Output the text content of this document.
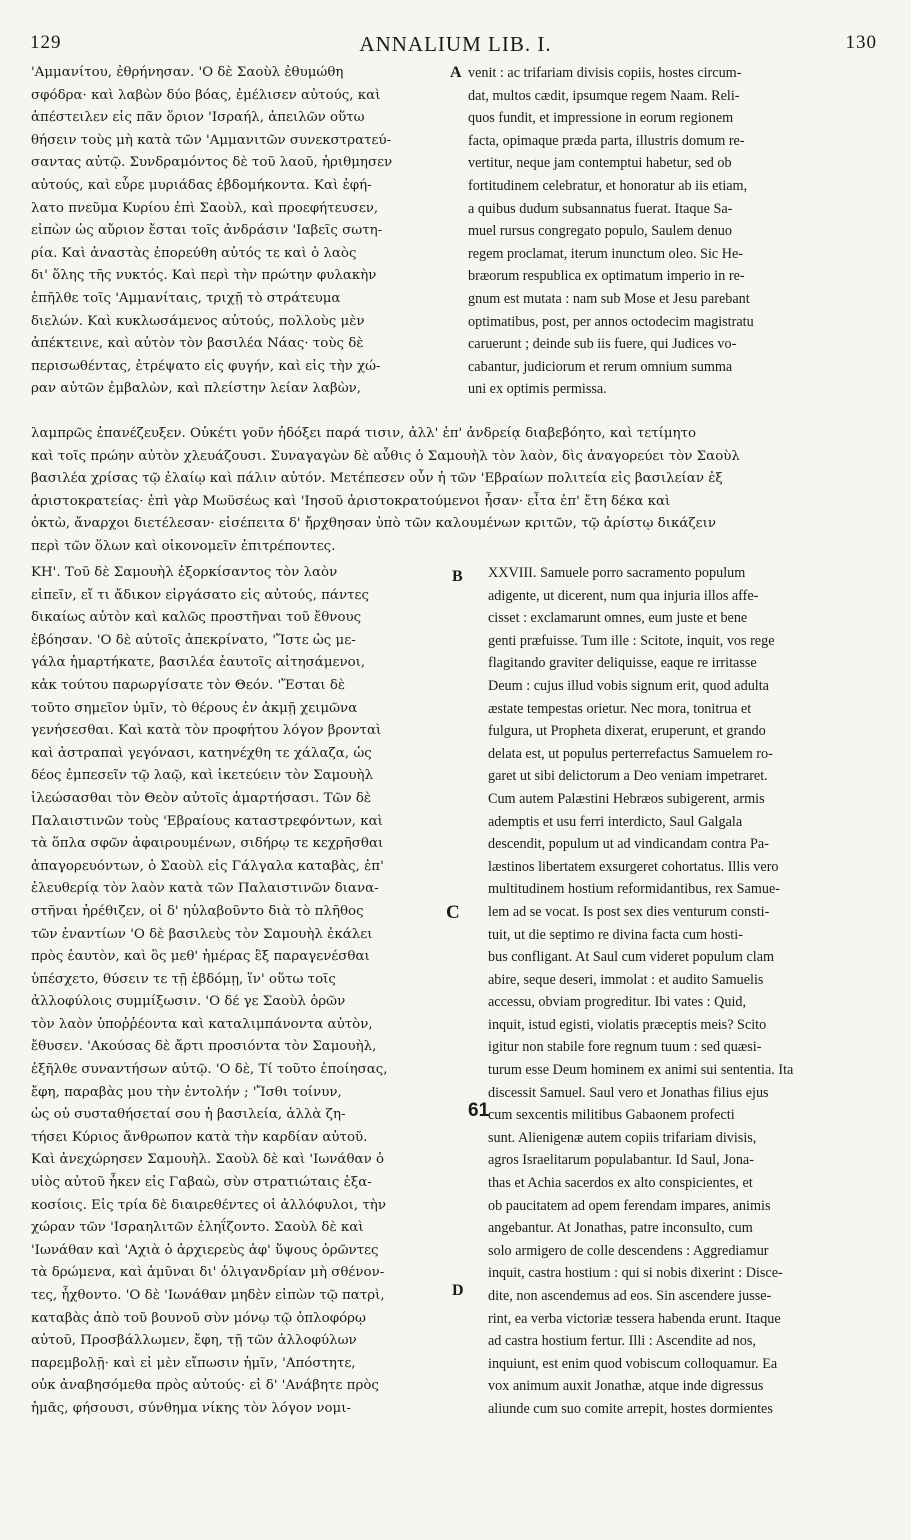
129	ANNALIUM LIB. I.	130
A
B
C
D
61

'Αμμανίτου, ἐθρήνησαν. 'Ο δὲ Σαοὺλ ἐθυμώθη

σφόδρα· καὶ λαβὼν δύο βόας, ἐμέλισεν αὐτούς, καὶ

ἀπέστειλεν εἰς πᾶν ὅριον 'Ισραήλ, ἀπειλῶν οὕτω

θήσειν τοὺς μὴ κατὰ τῶν 'Αμμανιτῶν συνεκστρατεύ-

σαντας αὐτῷ. Συνδραμόντος δὲ τοῦ λαοῦ, ἠριθμησεν

αὐτούς, καὶ εὗρε μυριάδας ἑβδομήκοντα. Καὶ ἐφή-

λατο πνεῦμα Κυρίου ἐπὶ Σαοὺλ, καὶ προεφήτευσεν,

εἰπὼν ὡς αὔριον ἔσται τοῖς ἀνδράσιν 'Ιαβεῖς σωτη-

ρία. Καὶ ἀναστὰς ἐπορεύθη αὐτός τε καὶ ὁ λαὸς

δι' ὅλης τῆς νυκτός. Καὶ περὶ τὴν πρώτην φυλακὴν

ἐπῆλθε τοῖς 'Αμμανίταις, τριχῇ τὸ στράτευμα

διελών. Καὶ κυκλωσάμενος αὐτούς, πολλοὺς μὲν

ἀπέκτεινε, καὶ αὐτὸν τὸν βασιλέα Νάας· τοὺς δὲ

περισωθέντας, ἐτρέψατο εἰς φυγήν, καὶ εἰς τὴν χώ-

ραν αὐτῶν ἐμβαλὼν, καὶ πλείστην λείαν λαβὼν,

venit : ac trifariam divisis copiis, hostes circum-

dat, multos cædit, ipsumque regem Naam. Reli-

quos fundit, et impressione in eorum regionem

facta, opimaque præda parta, illustris domum re-

vertitur, neque jam contemptui habetur, sed ob

fortitudinem celebratur, et honoratur ab iis etiam,

a quibus dudum subsannatus fuerat. Itaque Sa-

muel rursus congregato populo, Saulem denuo

regem proclamat, iterum inunctum oleo. Sic He-

bræorum respublica ex optimatum imperio in re-

gnum est mutata : nam sub Mose et Jesu parebant

optimatibus, post, per annos octodecim magistratu

caruerunt ; deinde sub iis fuere, qui Judices vo-

cabantur, judiciorum et rerum omnium summa

uni ex optimis permissa.

λαμπρῶς ἐπανέζευξεν. Οὐκέτι γοῦν ἠδόξει παρά τισιν, ἀλλ' ἐπ' ἀνδρείᾳ διαβεβόητο, καὶ τετίμητο

καὶ τοῖς πρώην αὐτὸν χλευάζουσι. Συναγαγὼν δὲ αὖθις ὁ Σαμουὴλ τὸν λαὸν, δὶς ἀναγορεύει τὸν Σαοὺλ

βασιλέα χρίσας τῷ ἐλαίῳ καὶ πάλιν αὐτόν. Μετέπεσεν οὖν ἡ τῶν 'Εβραίων πολιτεία εἰς βασιλείαν ἐξ

ἀριστοκρατείας· ἐπὶ γὰρ Μωϋσέως καὶ 'Ιησοῦ ἀριστοκρατούμενοι ἦσαν· εἶτα ἐπ' ἔτη δέκα καὶ

ὀκτὼ, ἄναρχοι διετέλεσαν· εἰσέπειτα δ' ἤρχθησαν ὑπὸ τῶν καλουμένων κριτῶν, τῷ ἀρίστῳ δικάζειν

περὶ τῶν ὅλων καὶ οἰκονομεῖν ἐπιτρέποντες.

ΚΗ'. Τοῦ δὲ Σαμουὴλ ἐξορκίσαντος τὸν λαὸν

εἰπεῖν, εἴ τι ἄδικον εἰργάσατο εἰς αὐτούς, πάντες

δικαίως αὐτὸν καὶ καλῶς προστῆναι τοῦ ἔθνους

ἐβόησαν. 'Ο δὲ αὐτοῖς ἀπεκρίνατο, 'Ἴστε ὡς με-

γάλα ἡμαρτήκατε, βασιλέα ἑαυτοῖς αἰτησάμενοι,

κἀκ τούτου παρωργίσατε τὸν Θεόν. 'Ἔσται δὲ

τοῦτο σημεῖον ὑμῖν, τὸ θέρους ἐν ἀκμῇ χειμῶνα

γενήσεσθαι. Καὶ κατὰ τὸν προφήτου λόγον βρονταὶ

καὶ ἀστραπαὶ γεγόνασι, κατηνέχθη τε χάλαζα, ὡς

δέος ἐμπεσεῖν τῷ λαῷ, καὶ ἱκετεύειν τὸν Σαμουὴλ

ἱλεώσασθαι τὸν Θεὸν αὐτοῖς ἁμαρτήσασι. Τῶν δὲ

Παλαιστινῶν τοὺς 'Εβραίους καταστρεφόντων, καὶ

τὰ ὅπλα σφῶν ἀφαιρουμένων, σιδήρῳ τε κεχρῆσθαι

ἀπαγορευόντων, ὁ Σαοὺλ εἰς Γάλγαλα καταβὰς, ἐπ'

ἐλευθερίᾳ τὸν λαὸν κατὰ τῶν Παλαιστινῶν διανα-

στῆναι ἠρέθιζεν, οἱ δ' ηὐλαβοῦντο διὰ τὸ πλῆθος

τῶν ἐναντίων 'Ο δὲ βασιλεὺς τὸν Σαμουὴλ ἐκάλει

πρὸς ἑαυτὸν, καὶ ὃς μεθ' ἡμέρας ἓξ παραγενέσθαι

ὑπέσχετο, θύσειν τε τῇ ἑβδόμῃ, ἵν' οὕτω τοῖς

ἀλλοφύλοις συμμίξωσιν. 'Ο δέ γε Σαοὺλ ὁρῶν

τὸν λαὸν ὑποῤῥέοντα καὶ καταλιμπάνοντα αὐτὸν,

ἔθυσεν. 'Ακούσας δὲ ἄρτι προσιόντα τὸν Σαμουὴλ,

ἐξῆλθε συναντήσων αὐτῷ. 'Ο δὲ, Τί τοῦτο ἐποίησας,

ἔφη, παραβὰς μου τὴν ἐντολήν ; 'Ἴσθι τοίνυν,

ὡς οὐ συσταθήσεταί σου ἡ βασιλεία, ἀλλὰ ζη-

τήσει Κύριος ἄνθρωπον κατὰ τὴν καρδίαν αὐτοῦ.

Καὶ ἀνεχώρησεν Σαμουὴλ. Σαοὺλ δὲ καὶ 'Ιωνάθαν ὁ

υἱὸς αὐτοῦ ἧκεν εἰς Γαβαὼ, σὺν στρατιώταις ἑξα-

κοσίοις. Εἰς τρία δὲ διαιρεθέντες οἱ ἀλλόφυλοι, τὴν

χώραν τῶν 'Ισραηλιτῶν ἐληΐζοντο. Σαοὺλ δὲ καὶ

'Ιωνάθαν καὶ 'Αχιὰ ὁ ἀρχιερεὺς ἀφ' ὕψους ὁρῶντες

τὰ δρώμενα, καὶ ἀμῦναι δι' ὀλιγανδρίαν μὴ σθένον-

τες, ἦχθοντο. 'Ο δὲ 'Ιωνάθαν μηδὲν εἰπὼν τῷ πατρὶ,

καταβὰς ἀπὸ τοῦ βουνοῦ σὺν μόνῳ τῷ ὁπλοφόρῳ

αὐτοῦ, Προσβάλλωμεν, ἔφη, τῇ τῶν ἀλλοφύλων

παρεμβολῇ· καὶ εἰ μὲν εἴπωσιν ἡμῖν, 'Απόστητε,

οὐκ ἀναβησόμεθα πρὸς αὐτούς· εἰ δ' 'Ανάβητε πρὸς

ἡμᾶς, φήσουσι, σύνθημα νίκης τὸν λόγον νομι-

XXVIII. Samuele porro sacramento populum

adigente, ut dicerent, num qua injuria illos affe-

cisset : exclamarunt omnes, eum juste et bene

genti præfuisse. Tum ille : Scitote, inquit, vos rege

flagitando graviter deliquisse, eaque re irritasse

Deum : cujus illud vobis signum erit, quod adulta

æstate tempestas orietur. Nec mora, tonitrua et

fulgura, ut Propheta dixerat, eruperunt, et grando

delata est, ut populus perterrefactus Samuelem ro-

garet ut sibi delictorum a Deo veniam impetraret.

Cum autem Palæstini Hebræos subigerent, armis

ademptis et usu ferri interdicto, Saul Galgala

descendit, populum ut ad vindicandam contra Pa-

læstinos libertatem exsurgeret cohortatus. Illis vero

multitudinem hostium reformidantibus, rex Samue-

lem ad se vocat. Is post sex dies venturum consti-

tuit, ut die septimo re divina facta cum hosti-

bus confligant. At Saul cum videret populum clam

abire, seque deseri, immolat : et audito Samuelis

accessu, obviam progreditur. Ibi vates : Quid,

inquit, istud egisti, violatis præceptis meis? Scito

igitur non stabile fore regnum tuum : sed quæsi-

turum esse Deum hominem ex animi sui sententia. Ita

discessit Samuel. Saul vero et Jonathas filius ejus

cum sexcentis militibus Gabaonem profecti

sunt. Alienigenæ autem copiis trifariam divisis,

agros Israelitarum populabantur. Id Saul, Jona-

thas et Achia sacerdos ex alto conspicientes, et

ob paucitatem ad opem ferendam impares, animis

angebantur. At Jonathas, patre inconsulto, cum

solo armigero de colle descendens : Aggrediamur

inquit, castra hostium : qui si nobis dixerint : Disce-

dite, non ascendemus ad eos. Sin ascendere jusse-

rint, ea verba victoriæ tessera habenda erunt. Itaque

ad castra hostium fertur. Illi : Ascendite ad nos,

inquiunt, est enim quod vobiscum colloquamur. Ea

vox animum auxit Jonathæ, atque inde digressus

aliunde cum suo comite arrepit, hostes dormientes
